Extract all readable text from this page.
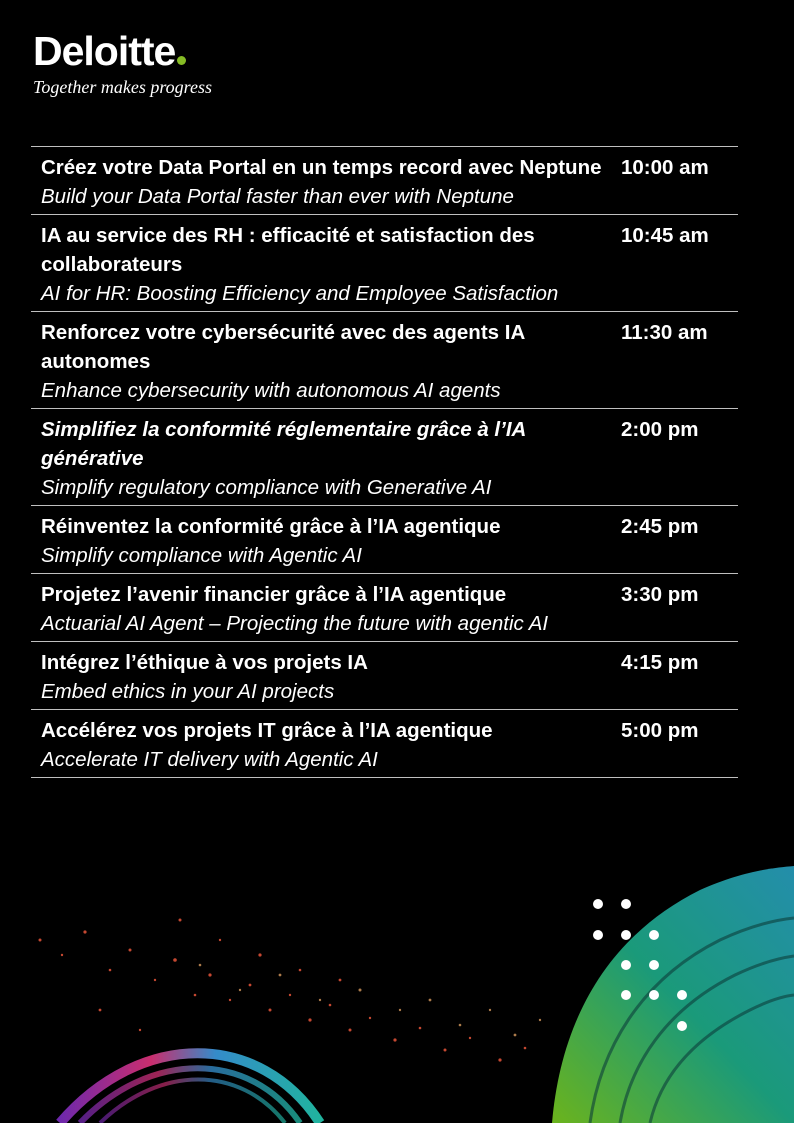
Deloitte
Together makes progress
Créez votre Data Portal en un temps record avec Neptune
Build your Data Portal faster than ever with Neptune
10:00 am
IA au service des RH : efficacité et satisfaction des collaborateurs
AI for HR: Boosting Efficiency and Employee Satisfaction
10:45 am
Renforcez votre cybersécurité avec des agents IA autonomes
Enhance cybersecurity with autonomous AI agents
11:30 am
Simplifiez la conformité réglementaire grâce à l’IA générative
Simplify regulatory compliance with Generative AI
2:00 pm
Réinventez la conformité grâce à l’IA agentique
Simplify compliance with Agentic AI
2:45 pm
Projetez l’avenir financier grâce à l’IA agentique
Actuarial AI Agent – Projecting the future with agentic AI
3:30 pm
Intégrez l’éthique à vos projets IA
Embed ethics in your AI projects
4:15 pm
Accélérez vos projets IT grâce à l’IA agentique
Accelerate IT delivery with Agentic AI
5:00 pm
